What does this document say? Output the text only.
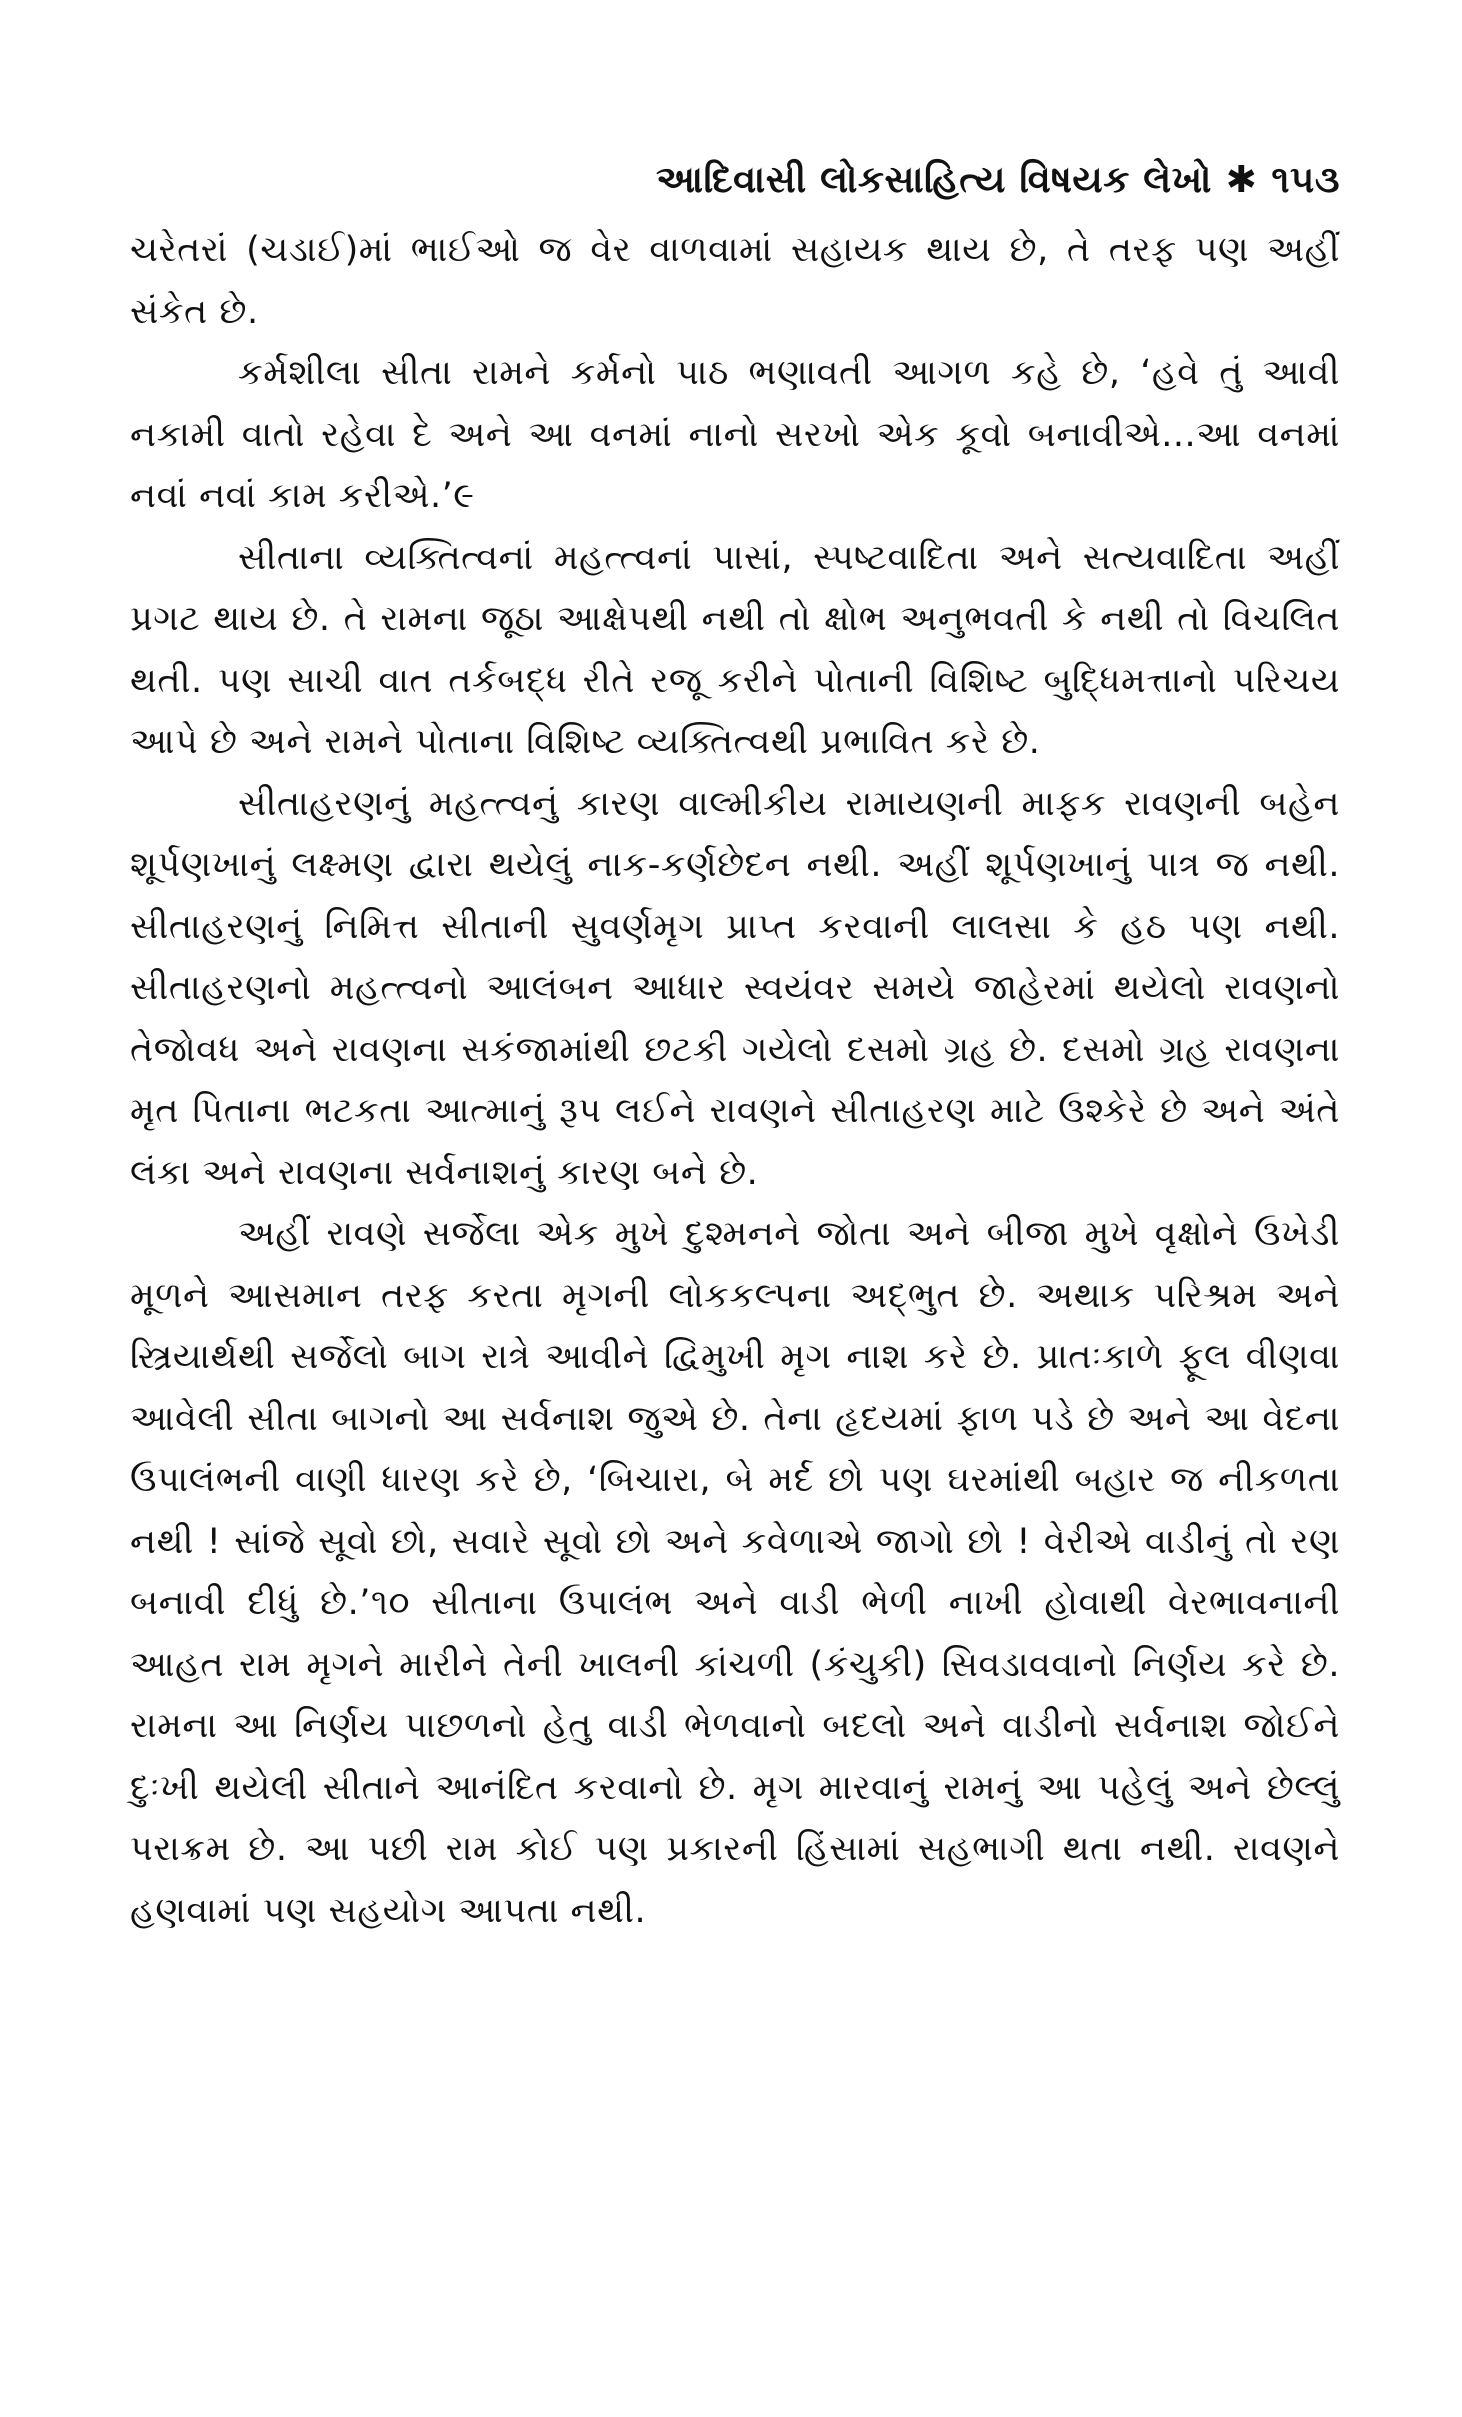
આદિવાસી લોકસાહિત્ય વિષયક લેખો ✱ ૧૫૩

ચરેતરાં (ચડાઈ)માં ભાઈઓ જ વેર વાળવામાં સહાયક થાય છે, તે તરફ પણ અહીં સંકેત છે.

કર્મશીલા સીતા રામને કર્મનો પાઠ ભણાવતી આગળ કહે છે, ‘હવે તું આવી નકામી વાતો રહેવા દે અને આ વનમાં નાનો સરખો એક કૂવો બનાવીએ...આ વનમાં નવાં નવાં કામ કરીએ.’૯

સીતાના વ્યક્તિત્વનાં મહત્ત્વનાં પાસાં, સ્પષ્ટવાદિતા અને સત્યવાદિતા અહીં પ્રગટ થાય છે. તે રામના જૂઠા આક્ષેપથી નથી તો ક્ષોભ અનુભવતી કે નથી તો વિચલિત થતી. પણ સાચી વાત તર્કબદ્ધ રીતે રજૂ કરીને પોતાની વિશિષ્ટ બુદ્ધિમત્તાનો પરિચય આપે છે અને રામને પોતાના વિશિષ્ટ વ્યક્તિત્વથી પ્રભાવિત કરે છે.

સીતાહરણનું મહત્ત્વનું કારણ વાલ્મીકીય રામાયણની માફક રાવણની બહેન શૂર્પણખાનું લક્ષ્મણ દ્વારા થયેલું નાક-કર્ણછેદન નથી. અહીં શૂર્પણખાનું પાત્ર જ નથી. સીતાહરણનું નિમિત્ત સીતાની સુવર્ણમૃગ પ્રાપ્ત કરવાની લાલસા કે હઠ પણ નથી. સીતાહરણનો મહત્ત્વનો આલંબન આધાર સ્વયંવર સમયે જાહેરમાં થયેલો રાવણનો તેજોવધ અને રાવણના સકંજામાંથી છટકી ગયેલો દસમો ગ્રહ છે. દસમો ગ્રહ રાવણના મૃત પિતાના ભટકતા આત્માનું રૂપ લઈને રાવણને સીતાહરણ માટે ઉશ્કેરે છે અને અંતે લંકા અને રાવણના સર્વનાશનું કારણ બને છે.

અહીં રાવણે સર્જેલા એક મુખે દુશ્મનને જોતા અને બીજા મુખે વૃક્ષોને ઉખેડી મૂળને આસમાન તરફ કરતા મૃગની લોકકલ્પના અદ્ભુત છે. અથાક પરિશ્રમ અને સ્ત્રિયાર્થથી સર્જેલો બાગ રાત્રે આવીને દ્વિમુખી મૃગ નાશ કરે છે. પ્રાતઃકાળે ફૂલ વીણવા આવેલી સીતા બાગનો આ સર્વનાશ જુએ છે. તેના હૃદયમાં ફાળ પડે છે અને આ વેદના ઉપાલંભની વાણી ધારણ કરે છે, ‘બિચારા, બે મર્દ છો પણ ઘરમાંથી બહાર જ નીકળતા નથી ! સાંજે સૂવો છો, સવારે સૂવો છો અને કવેળાએ જાગો છો ! વેરીએ વાડીનું તો રણ બનાવી દીધું છે.’૧૦ સીતાના ઉપાલંભ અને વાડી ભેળી નાખી હોવાથી વેરભાવનાની આહત રામ મૃગને મારીને તેની ખાલની કાંચળી (કંચુકી) સિવડાવવાનો નિર્ણય કરે છે. રામના આ નિર્ણય પાછળનો હેતુ વાડી ભેળવાનો બદલો અને વાડીનો સર્વનાશ જોઈને દુઃખી થયેલી સીતાને આનંદિત કરવાનો છે. મૃગ મારવાનું રામનું આ પહેલું અને છેલ્લું પરાક્રમ છે. આ પછી રામ કોઈ પણ પ્રકારની હિંસામાં સહભાગી થતા નથી. રાવણને હણવામાં પણ સહયોગ આપતા નથી.
